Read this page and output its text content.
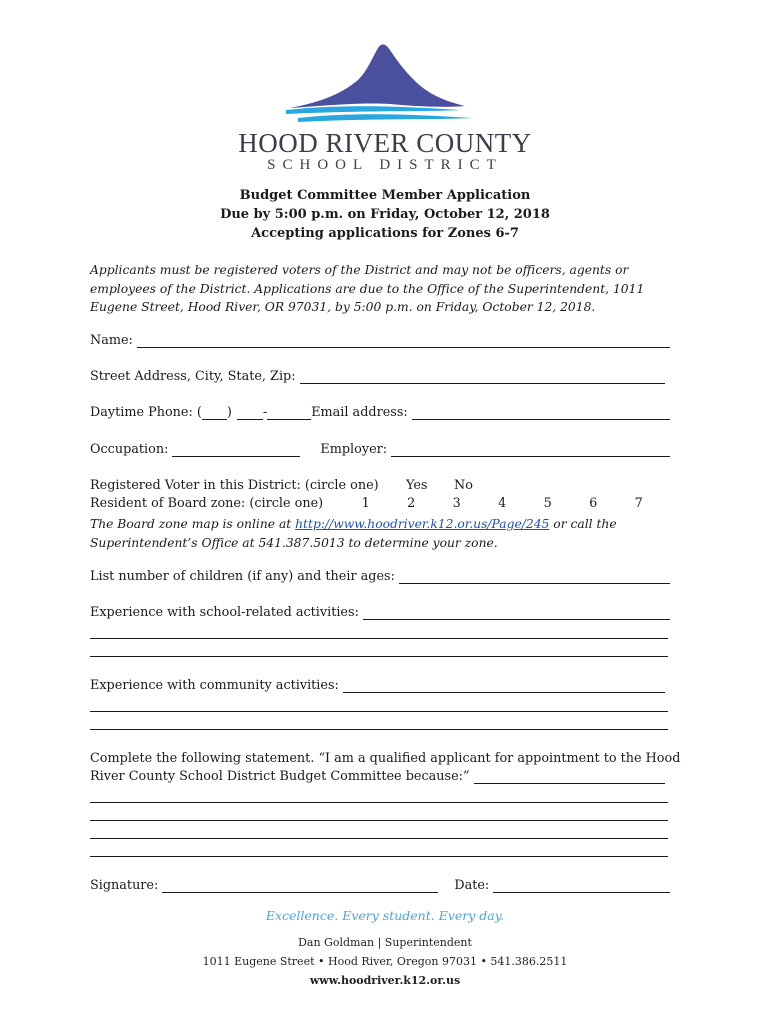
HOOD RIVER COUNTY
SCHOOL DISTRICT
Budget Committee Member Application
Due by 5:00 p.m. on Friday, October 12, 2018
Accepting applications for Zones 6-7
Applicants must be registered voters of the District and may not be officers, agents or employees of the District. Applications are due to the Office of the Superintendent, 1011 Eugene Street, Hood River, OR 97031, by 5:00 p.m. on Friday, October 12, 2018.
Name:
Street Address, City, State, Zip:
Daytime Phone: ( ) -	Email address:
Occupation:	Employer:
Registered Voter in this District: (circle one)	Yes	No
Resident of Board zone: (circle one)	1	2	3	4	5	6	7
The Board zone map is online at http://www.hoodriver.k12.or.us/Page/245 or call the
Superintendent’s Office at 541.387.5013 to determine your zone.
List number of children (if any) and their ages:
Experience with school-related activities:
Experience with community activities:
Complete the following statement. “I am a qualified applicant for appointment to the Hood
River County School District Budget Committee because:”
Signature:	Date:
Excellence. Every student. Every day.
Dan Goldman | Superintendent
1011 Eugene Street • Hood River, Oregon 97031 • 541.386.2511
www.hoodriver.k12.or.us
